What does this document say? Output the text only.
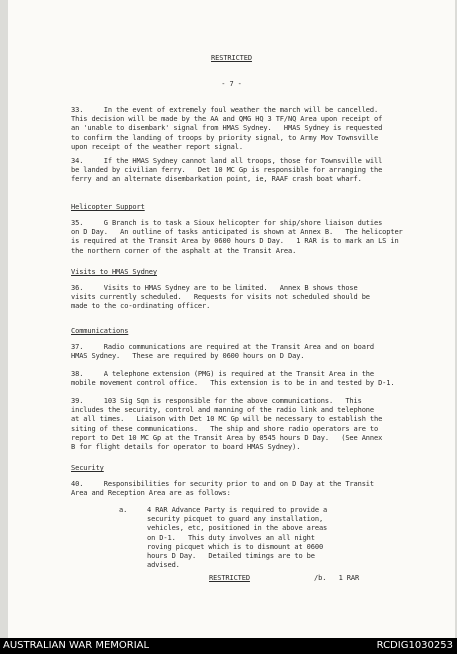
RESTRICTED

- 7 -

33.     In the event of extremely foul weather the march will be cancelled.
This decision will be made by the AA and QMG HQ 3 TF/NQ Area upon receipt of
an 'unable to disembark' signal from HMAS Sydney.   HMAS Sydney is requested
to confirm the landing of troops by priority signal, to Army Mov Townsville
upon receipt of the weather report signal.

34.     If the HMAS Sydney cannot land all troops, those for Townsville will
be landed by civilian ferry.   Det 10 MC Gp is responsible for arranging the
ferry and an alternate disembarkation point, ie, RAAF crash boat wharf.

Helicopter Support

35.     G Branch is to task a Sioux helicopter for ship/shore liaison duties
on D Day.   An outline of tasks anticipated is shown at Annex B.   The helicopter
is required at the Transit Area by 0600 hours D Day.   1 RAR is to mark an LS in
the northern corner of the asphalt at the Transit Area.

Visits to HMAS Sydney

36.     Visits to HMAS Sydney are to be limited.   Annex B shows those
visits currently scheduled.   Requests for visits not scheduled should be
made to the co-ordinating officer.

Communications

37.     Radio communications are required at the Transit Area and on board
HMAS Sydney.   These are required by 0600 hours on D Day.

38.     A telephone extension (PMG) is required at the Transit Area in the
mobile movement control office.   This extension is to be in and tested by D-1.

39.     103 Sig Sqn is responsible for the above communications.   This
includes the security, control and manning of the radio link and telephone
at all times.   Liaison with Det 10 MC Gp will be necessary to establish the
siting of these communications.   The ship and shore radio operators are to
report to Det 10 MC Gp at the Transit Area by 0545 hours D Day.   (See Annex
B for flight details for operator to board HMAS Sydney).

Security

40.     Responsibilities for security prior to and on D Day at the Transit
Area and Reception Area are as follows:

a.	4 RAR Advance Party is required to provide a
security picquet to guard any installation,
vehicles, etc, positioned in the above areas
on D-1.   This duty involves an all night
roving picquet which is to dismount at 0600
hours D Day.   Detailed timings are to be
advised.

RESTRICTED	/b.   1 RAR

AUSTRALIAN WAR MEMORIAL	RCDIG1030253
